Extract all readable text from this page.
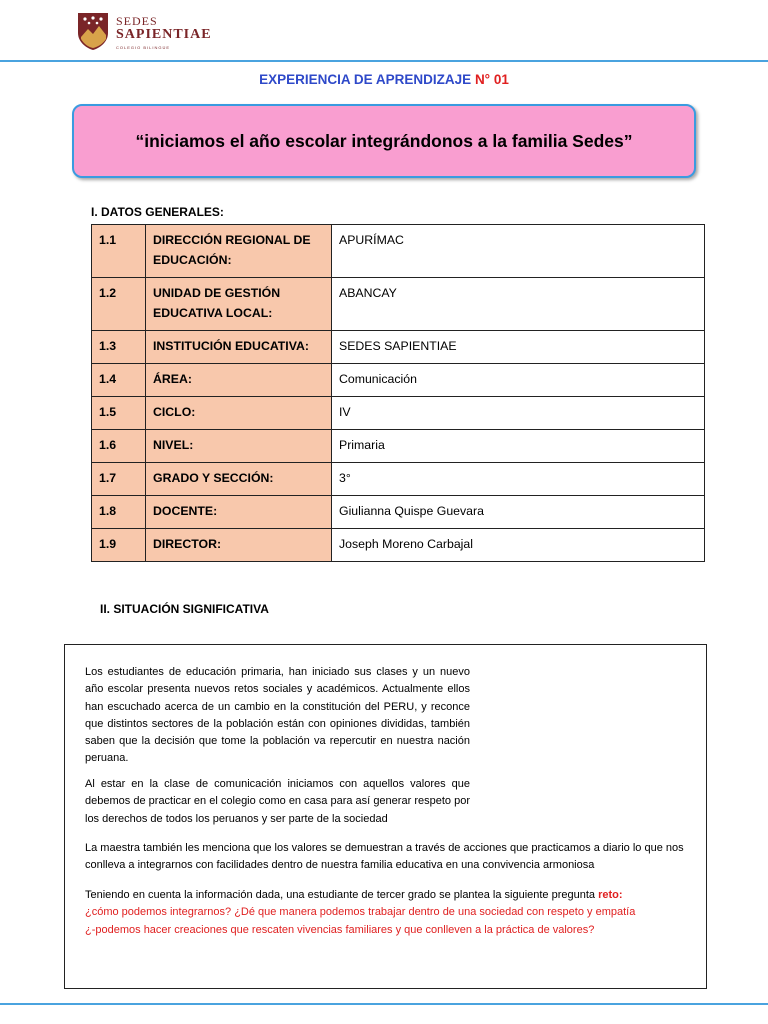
SEDES
SAPIENTIAE
COLEGIO BILINGÜE
EXPERIENCIA DE APRENDIZAJE N° 01
“iniciamos el año escolar integrándonos a la familia Sedes”
I. DATOS GENERALES:
1.1	DIRECCIÓN REGIONAL DE EDUCACIÓN:	APURÍMAC
1.2	UNIDAD DE GESTIÓN EDUCATIVA LOCAL:	ABANCAY
1.3	INSTITUCIÓN EDUCATIVA:	SEDES SAPIENTIAE
1.4	ÁREA:	Comunicación
1.5	CICLO:	IV
1.6	NIVEL:	Primaria
1.7	GRADO Y SECCIÓN:	3°
1.8	DOCENTE:	Giulianna Quispe Guevara
1.9	DIRECTOR:	Joseph Moreno Carbajal
II. SITUACIÓN SIGNIFICATIVA
Los estudiantes de educación primaria, han iniciado sus clases y un nuevo año escolar presenta nuevos retos sociales y académicos. Actualmente ellos han escuchado acerca de un cambio en la constitución del PERU, y reconce que distintos sectores de la población están con opiniones divididas, también saben que la decisión que tome la población va repercutir en nuestra nación peruana.
Al estar en la clase de comunicación iniciamos con aquellos valores que debemos de practicar en el colegio como en casa para así generar respeto por los derechos de todos los peruanos y ser parte de la sociedad
La maestra también les menciona que los valores se demuestran a través de acciones que practicamos a diario lo que nos conlleva a integrarnos con facilidades dentro de nuestra familia educativa en una convivencia armoniosa
Teniendo en cuenta la información dada, una estudiante de tercer grado se plantea la siguiente pregunta reto:
¿cómo podemos integrarnos? ¿Dé que manera podemos trabajar dentro de una sociedad con respeto y empatía
¿-podemos hacer creaciones que rescaten vivencias familiares y que conlleven a la práctica de valores?
